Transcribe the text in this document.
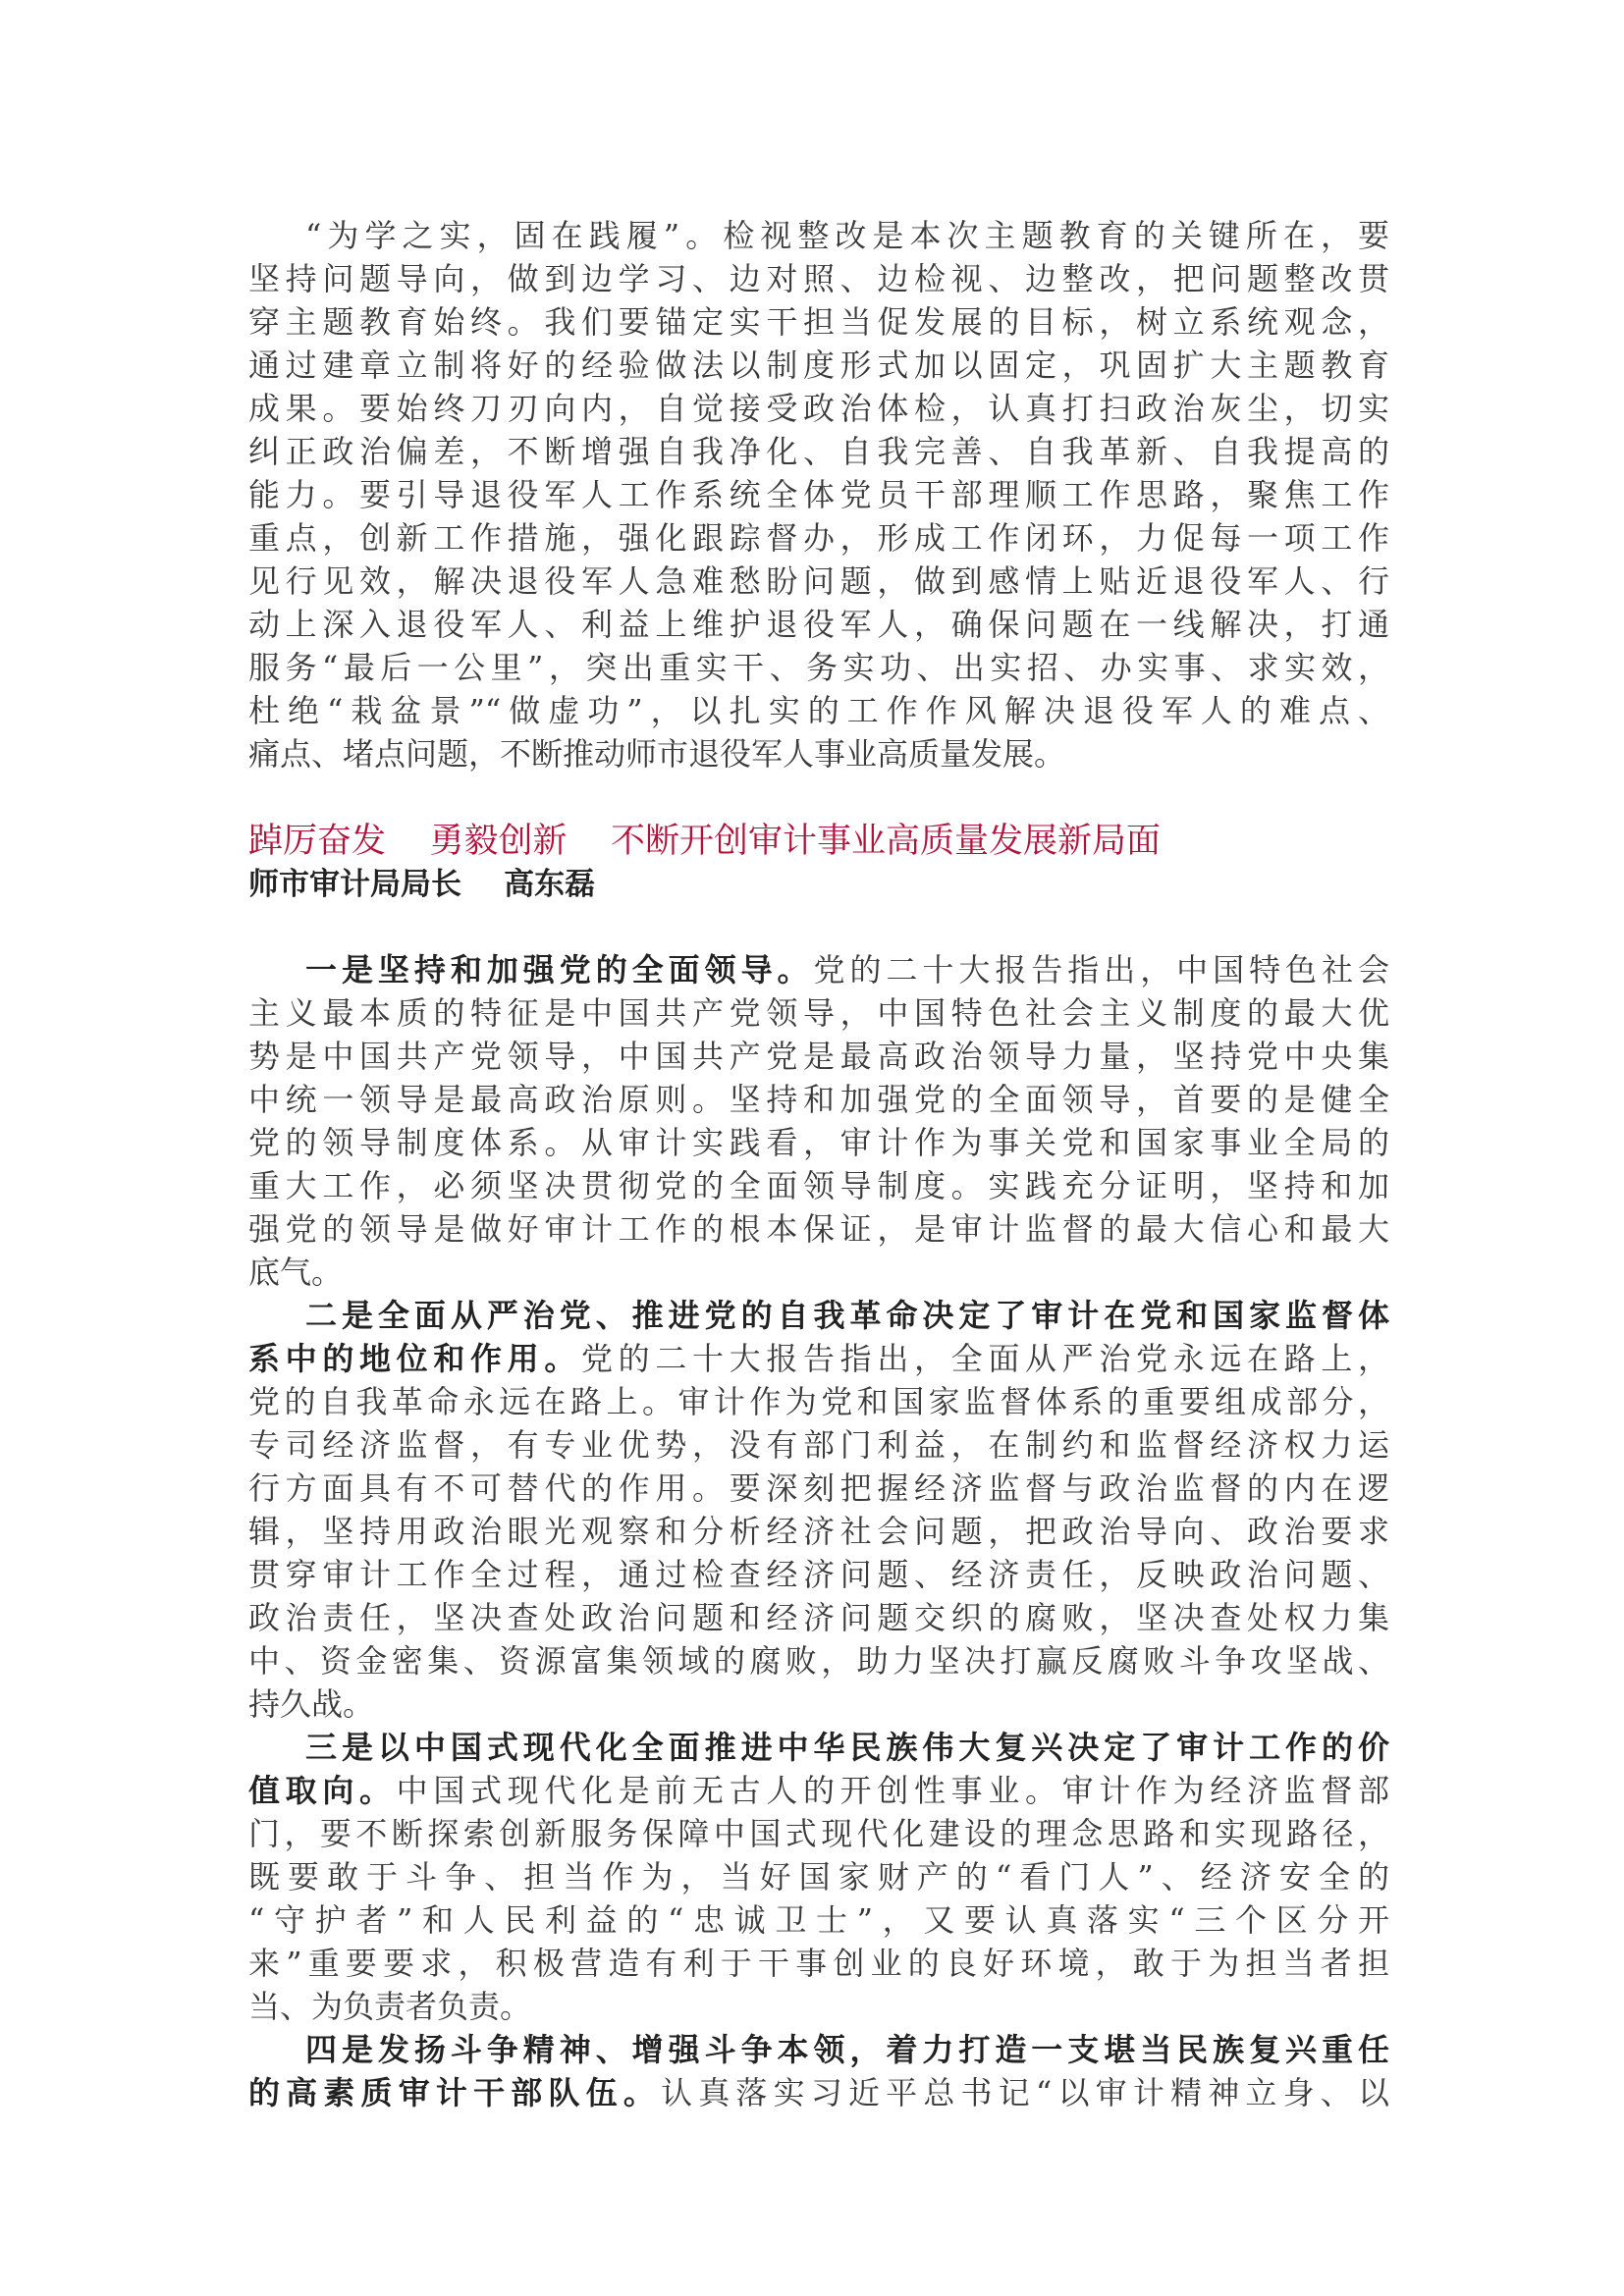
“为学之实，固在践履”。检视整改是本次主题教育的关键所在，要
坚持问题导向，做到边学习、边对照、边检视、边整改，把问题整改贯
穿主题教育始终。我们要锚定实干担当促发展的目标，树立系统观念，
通过建章立制将好的经验做法以制度形式加以固定，巩固扩大主题教育
成果。要始终刀刃向内，自觉接受政治体检，认真打扫政治灰尘，切实
纠正政治偏差，不断增强自我净化、自我完善、自我革新、自我提高的
能力。要引导退役军人工作系统全体党员干部理顺工作思路，聚焦工作
重点，创新工作措施，强化跟踪督办，形成工作闭环，力促每一项工作
见行见效，解决退役军人急难愁盼问题，做到感情上贴近退役军人、行
动上深入退役军人、利益上维护退役军人，确保问题在一线解决，打通
服务“最后一公里”，突出重实干、务实功、出实招、办实事、求实效，
杜绝“栽盆景”“做虚功”，以扎实的工作作风解决退役军人的难点、
痛点、堵点问题，不断推动师市退役军人事业高质量发展。
踔厉奋发    勇毅创新    不断开创审计事业高质量发展新局面
师市审计局局长    高东磊
一是坚持和加强党的全面领导。党的二十大报告指出，中国特色社会
主义最本质的特征是中国共产党领导，中国特色社会主义制度的最大优
势是中国共产党领导，中国共产党是最高政治领导力量，坚持党中央集
中统一领导是最高政治原则。坚持和加强党的全面领导，首要的是健全
党的领导制度体系。从审计实践看，审计作为事关党和国家事业全局的
重大工作，必须坚决贯彻党的全面领导制度。实践充分证明，坚持和加
强党的领导是做好审计工作的根本保证，是审计监督的最大信心和最大
底气。
二是全面从严治党、推进党的自我革命决定了审计在党和国家监督体
系中的地位和作用。党的二十大报告指出，全面从严治党永远在路上，
党的自我革命永远在路上。审计作为党和国家监督体系的重要组成部分，
专司经济监督，有专业优势，没有部门利益，在制约和监督经济权力运
行方面具有不可替代的作用。要深刻把握经济监督与政治监督的内在逻
辑，坚持用政治眼光观察和分析经济社会问题，把政治导向、政治要求
贯穿审计工作全过程，通过检查经济问题、经济责任，反映政治问题、
政治责任，坚决查处政治问题和经济问题交织的腐败，坚决查处权力集
中、资金密集、资源富集领域的腐败，助力坚决打赢反腐败斗争攻坚战、
持久战。
三是以中国式现代化全面推进中华民族伟大复兴决定了审计工作的价
值取向。中国式现代化是前无古人的开创性事业。审计作为经济监督部
门，要不断探索创新服务保障中国式现代化建设的理念思路和实现路径，
既要敢于斗争、担当作为，当好国家财产的“看门人”、经济安全的
“守护者”和人民利益的“忠诚卫士”，又要认真落实“三个区分开
来”重要要求，积极营造有利于干事创业的良好环境，敢于为担当者担
当、为负责者负责。
四是发扬斗争精神、增强斗争本领，着力打造一支堪当民族复兴重任
的高素质审计干部队伍。认真落实习近平总书记“以审计精神立身、以
